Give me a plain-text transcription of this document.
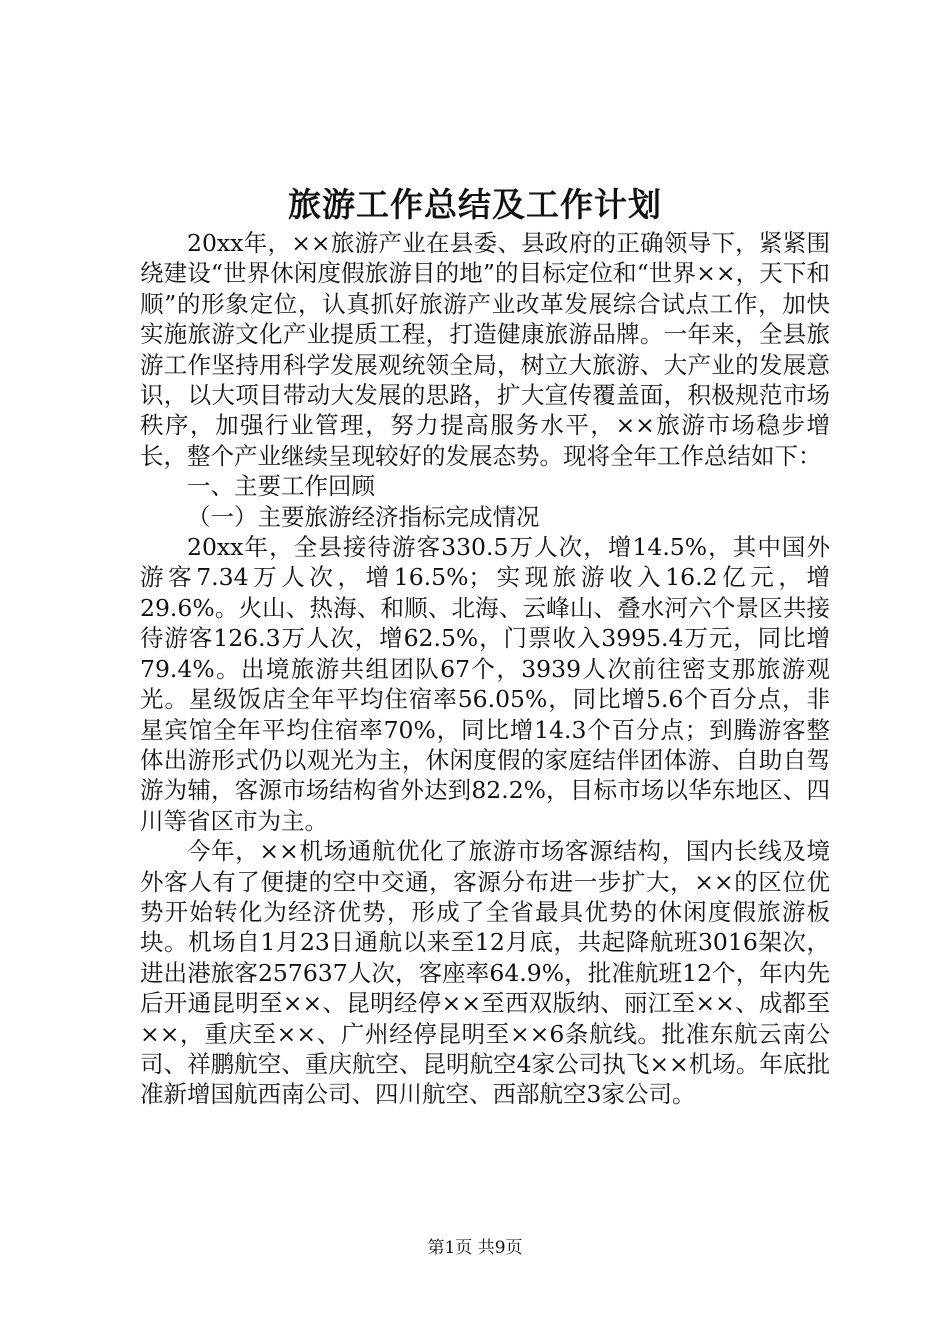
旅游工作总结及工作计划

20xx年，××旅游产业在县委、县政府的正确领导下，紧紧围绕建设“世界休闲度假旅游目的地”的目标定位和“世界××，天下和顺”的形象定位，认真抓好旅游产业改革发展综合试点工作，加快实施旅游文化产业提质工程，打造健康旅游品牌。一年来，全县旅游工作坚持用科学发展观统领全局，树立大旅游、大产业的发展意识，以大项目带动大发展的思路，扩大宣传覆盖面，积极规范市场秩序，加强行业管理，努力提高服务水平，××旅游市场稳步增长，整个产业继续呈现较好的发展态势。现将全年工作总结如下：

一、主要工作回顾

（一）主要旅游经济指标完成情况

20xx年，全县接待游客330.5万人次，增14.5%，其中国外游客7.34万人次，增16.5%；实现旅游收入16.2亿元，增29.6%。火山、热海、和顺、北海、云峰山、叠水河六个景区共接待游客126.3万人次，增62.5%，门票收入3995.4万元，同比增79.4%。出境旅游共组团队67个，3939人次前往密支那旅游观光。星级饭店全年平均住宿率56.05%，同比增5.6个百分点，非星宾馆全年平均住宿率70%，同比增14.3个百分点；到腾游客整体出游形式仍以观光为主，休闲度假的家庭结伴团体游、自助自驾游为辅，客源市场结构省外达到82.2%，目标市场以华东地区、四川等省区市为主。

今年，××机场通航优化了旅游市场客源结构，国内长线及境外客人有了便捷的空中交通，客源分布进一步扩大，××的区位优势开始转化为经济优势，形成了全省最具优势的休闲度假旅游板块。机场自1月23日通航以来至12月底，共起降航班3016架次，进出港旅客257637人次，客座率64.9%，批准航班12个，年内先后开通昆明至××、昆明经停××至西双版纳、丽江至××、成都至××，重庆至××、广州经停昆明至××6条航线。批准东航云南公司、祥鹏航空、重庆航空、昆明航空4家公司执飞××机场。年底批准新增国航西南公司、四川航空、西部航空3家公司。

第1页 共9页
